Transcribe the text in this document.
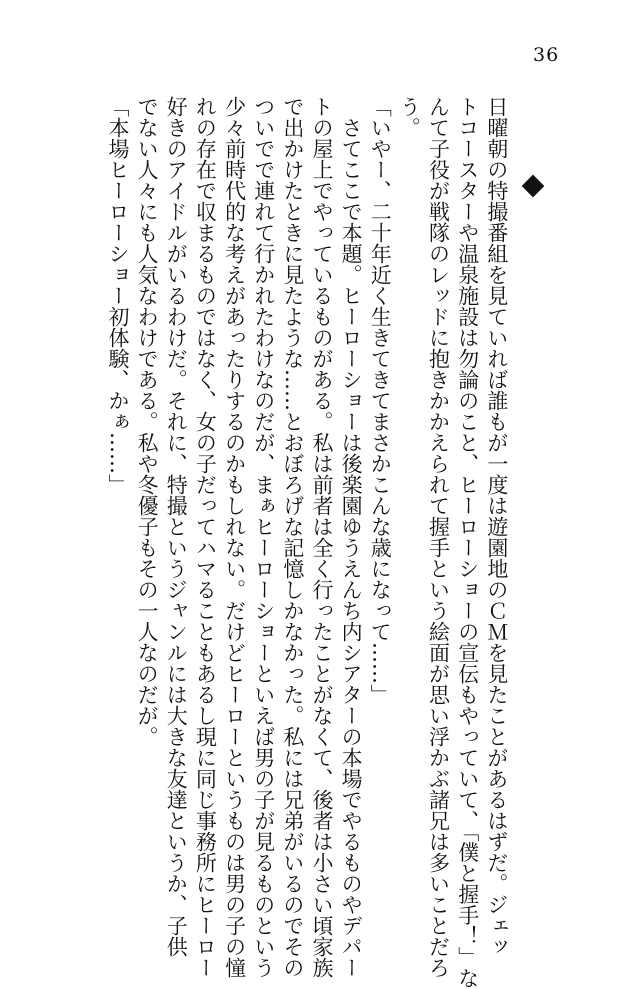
36
日曜朝の特撮番組を見ていれば誰もが一度は遊園地のＣＭを見たことがあるはずだ。ジェッ
トコースターや温泉施設は勿論のこと、ヒーローショーの宣伝もやっていて、「僕と握手！」な
んて子役が戦隊のレッドに抱きかかえられて握手という絵面が思い浮かぶ諸兄は多いことだろ
う。
「いやー、二十年近く生きてきてまさかこんな歳になって……」
　さてここで本題。ヒーローショーは後楽園ゆうえんち内シアターの本場でやるものやデパー
トの屋上でやっているものがある。私は前者は全く行ったことがなくて、後者は小さい頃家族
で出かけたときに見たような……とおぼろげな記憶しかなかった。私には兄弟がいるのでその
ついでで連れて行かれたわけなのだが、まぁヒーローショーといえば男の子が見るものという
少々前時代的な考えがあったりするのかもしれない。だけどヒーローというものは男の子の憧
れの存在で収まるものではなく、女の子だってハマることもあるし現に同じ事務所にヒーロー
好きのアイドルがいるわけだ。それに、特撮というジャンルには大きな友達というか、子供
でない人々にも人気なわけである。私や冬優子もその一人なのだが。
「本場ヒーローショー初体験、かぁ……」
